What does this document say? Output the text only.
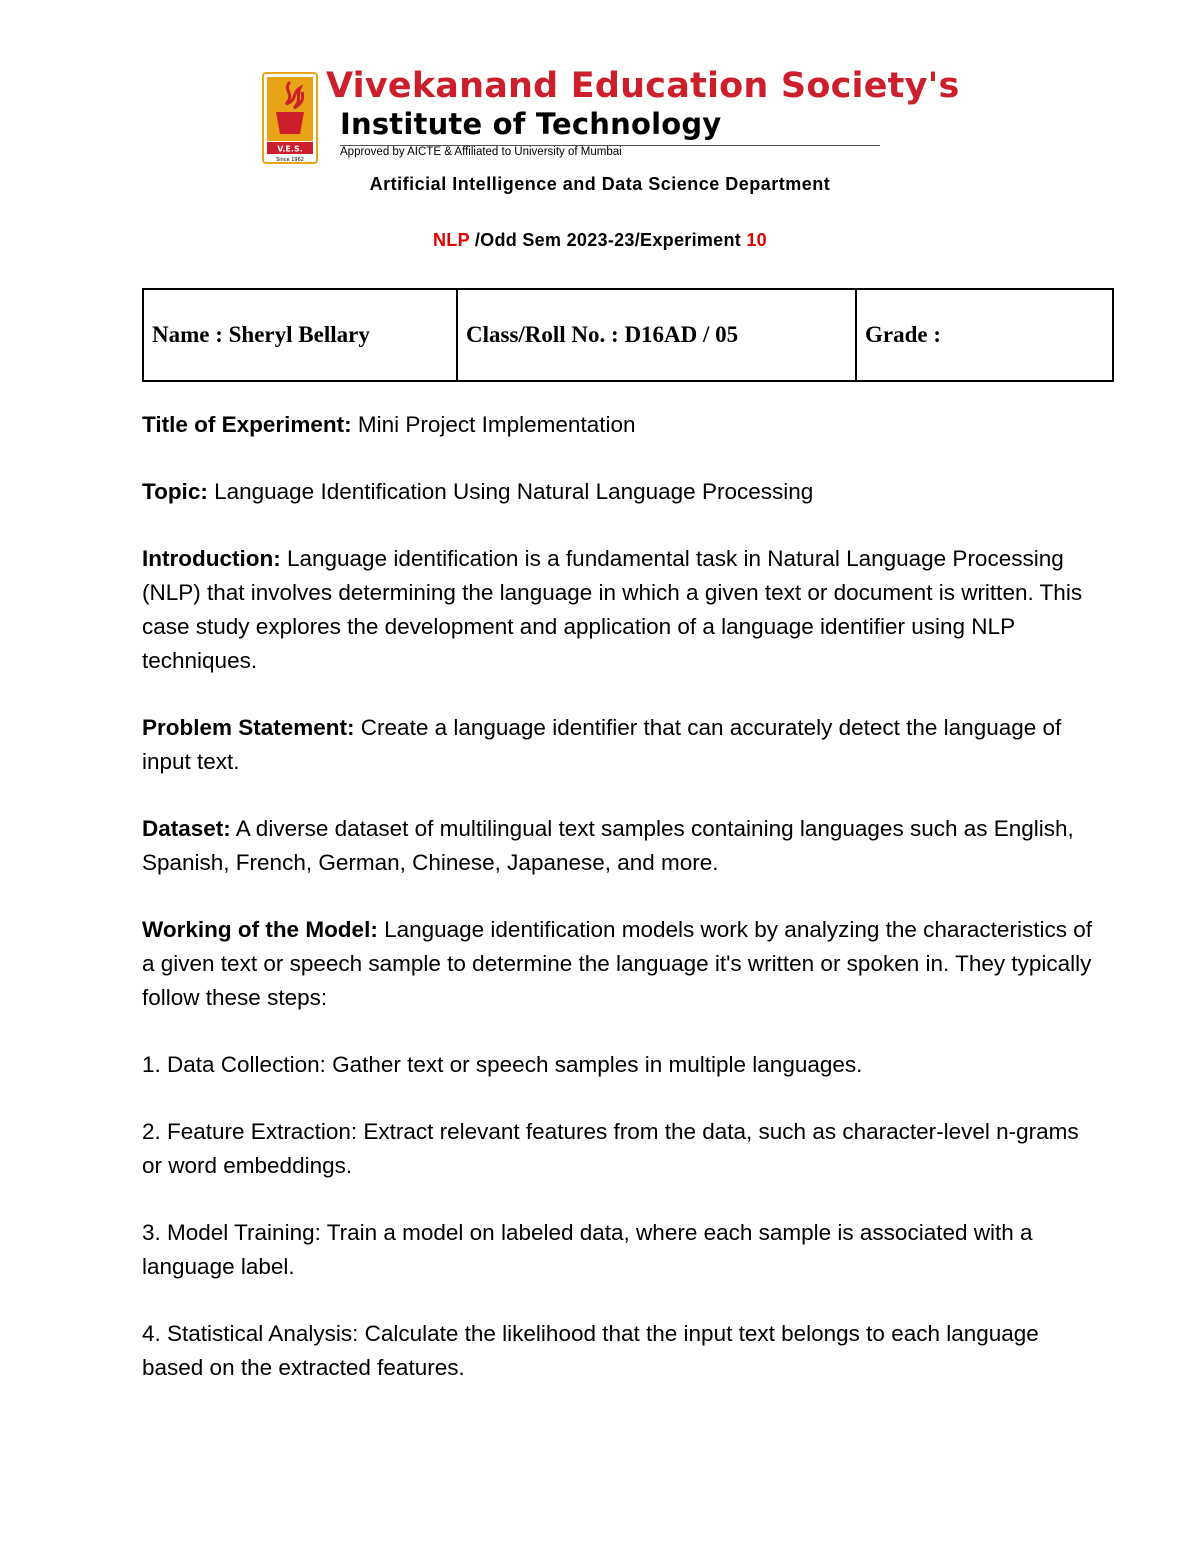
V.E.S.
Since 1962
Vivekanand Education Society's
Institute of Technology
Approved by AICTE & Affiliated to University of Mumbai
Artificial Intelligence and Data Science Department
NLP /Odd Sem 2023-23/Experiment 10
Name : Sheryl Bellary	Class/Roll No. : D16AD / 05	Grade :

Title of Experiment: Mini Project Implementation

Topic: Language Identification Using Natural Language Processing

Introduction: Language identification is a fundamental task in Natural Language Processing (NLP) that involves determining the language in which a given text or document is written. This case study explores the development and application of a language identifier using NLP techniques.

Problem Statement: Create a language identifier that can accurately detect the language of input text.

Dataset: A diverse dataset of multilingual text samples containing languages such as English, Spanish, French, German, Chinese, Japanese, and more.

Working of the Model: Language identification models work by analyzing the characteristics of a given text or speech sample to determine the language it's written or spoken in. They typically follow these steps:

1. Data Collection: Gather text or speech samples in multiple languages.

2. Feature Extraction: Extract relevant features from the data, such as character-level n-grams or word embeddings.

3. Model Training: Train a model on labeled data, where each sample is associated with a language label.

4. Statistical Analysis: Calculate the likelihood that the input text belongs to each language based on the extracted features.
